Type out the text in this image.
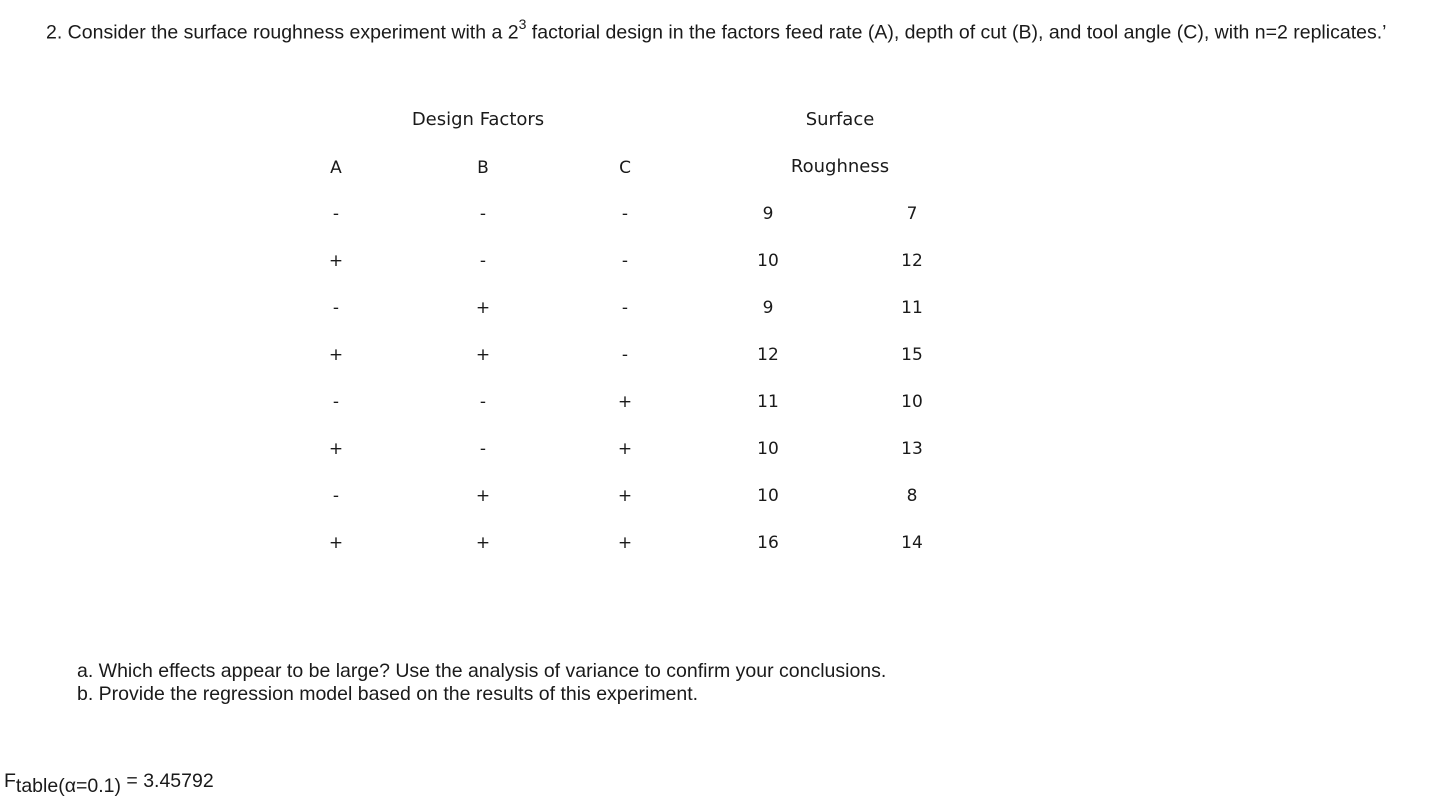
2. Consider the surface roughness experiment with a $2^3$ factorial design in the factors feed rate (A), depth of cut (B), and tool angle (C), with n=2 replicates.’
Design Factors	Surface
Roughness
A	B	C
-	-	-	9	7
+	-	-	10	12
-	+	-	9	11
+	+	-	12	15
-	-	+	11	10
+	-	+	10	13
-	+	+	10	8
+	+	+	16	14
a. Which effects appear to be large? Use the analysis of variance to confirm your conclusions.
b. Provide the regression model based on the results of this experiment.
Ftable(α=0.1) = 3.45792
